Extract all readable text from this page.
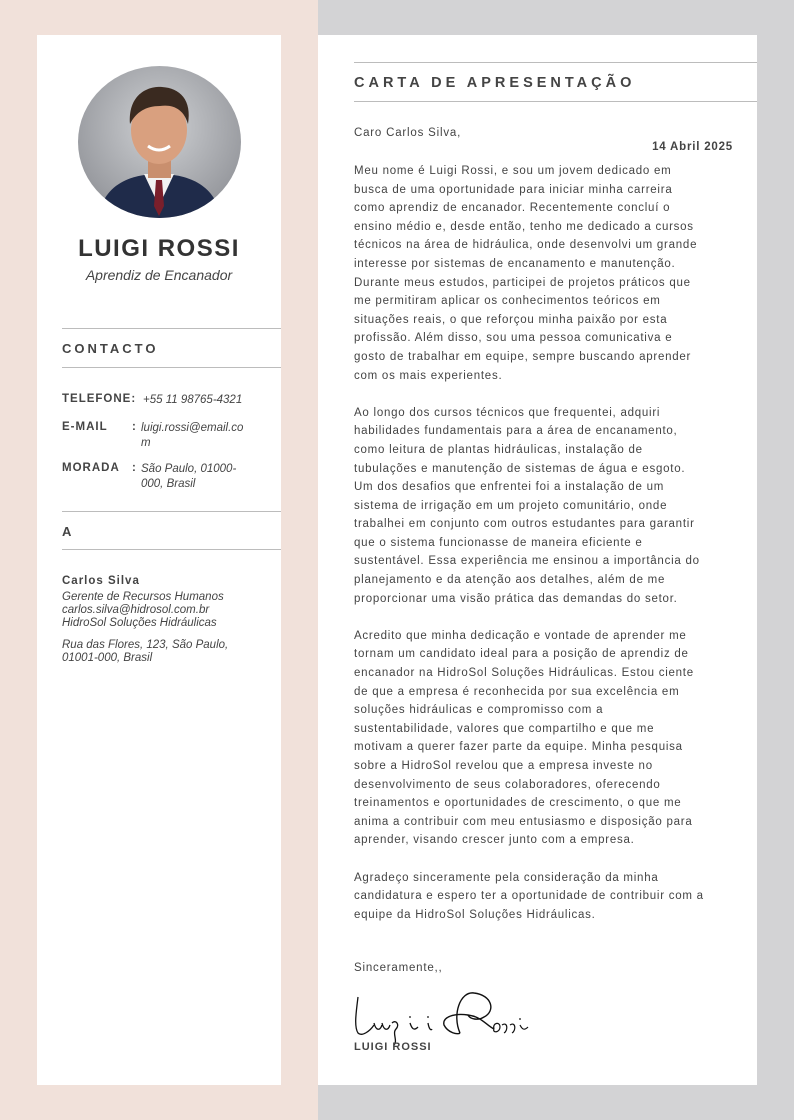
LUIGI ROSSI
Aprendiz de Encanador
CONTACTO
TELEFONE: +55 11 98765-4321
E-MAIL : luigi.rossi@email.co
m
MORADA : São Paulo, 01000-
000, Brasil
A
Carlos Silva
Gerente de Recursos Humanos
carlos.silva@hidrosol.com.br
HidroSol Soluções Hidráulicas
Rua das Flores, 123, São Paulo,
01001-000, Brasil
CARTA DE APRESENTAÇÃO
Caro Carlos Silva,
14 Abril 2025

Meu nome é Luigi Rossi, e sou um jovem dedicado em
busca de uma oportunidade para iniciar minha carreira
como aprendiz de encanador. Recentemente concluí o
ensino médio e, desde então, tenho me dedicado a cursos
técnicos na área de hidráulica, onde desenvolvi um grande
interesse por sistemas de encanamento e manutenção.
Durante meus estudos, participei de projetos práticos que
me permitiram aplicar os conhecimentos teóricos em
situações reais, o que reforçou minha paixão por esta
profissão. Além disso, sou uma pessoa comunicativa e
gosto de trabalhar em equipe, sempre buscando aprender
com os mais experientes.

Ao longo dos cursos técnicos que frequentei, adquiri
habilidades fundamentais para a área de encanamento,
como leitura de plantas hidráulicas, instalação de
tubulações e manutenção de sistemas de água e esgoto.
Um dos desafios que enfrentei foi a instalação de um
sistema de irrigação em um projeto comunitário, onde
trabalhei em conjunto com outros estudantes para garantir
que o sistema funcionasse de maneira eficiente e
sustentável. Essa experiência me ensinou a importância do
planejamento e da atenção aos detalhes, além de me
proporcionar uma visão prática das demandas do setor.

Acredito que minha dedicação e vontade de aprender me
tornam um candidato ideal para a posição de aprendiz de
encanador na HidroSol Soluções Hidráulicas. Estou ciente
de que a empresa é reconhecida por sua excelência em
soluções hidráulicas e compromisso com a
sustentabilidade, valores que compartilho e que me
motivam a querer fazer parte da equipe. Minha pesquisa
sobre a HidroSol revelou que a empresa investe no
desenvolvimento de seus colaboradores, oferecendo
treinamentos e oportunidades de crescimento, o que me
anima a contribuir com meu entusiasmo e disposição para
aprender, visando crescer junto com a empresa.

Agradeço sinceramente pela consideração da minha
candidatura e espero ter a oportunidade de contribuir com a
equipe da HidroSol Soluções Hidráulicas.

Sinceramente,,
LUIGI ROSSI
